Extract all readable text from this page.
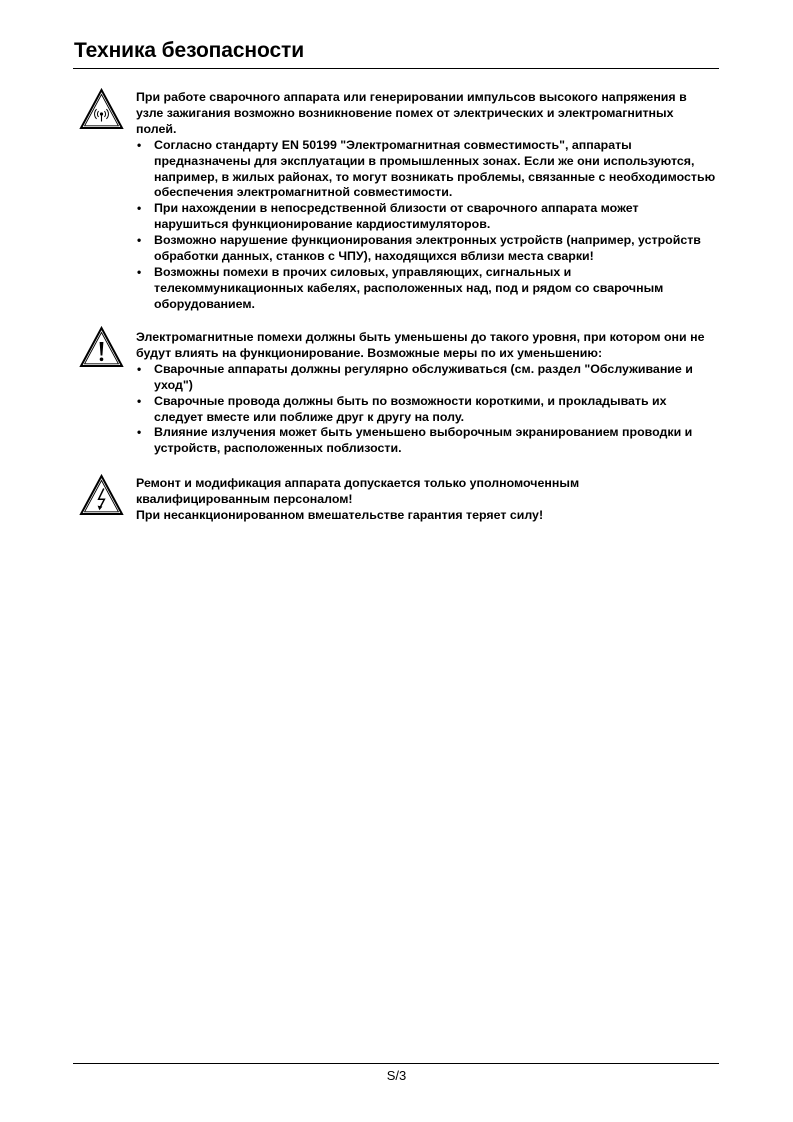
Техника безопасности

При работе сварочного аппарата или генерировании импульсов высокого напряжения в узле зажигания возможно возникновение помех от электрических и электромагнитных полей.

• Согласно стандарту EN 50199 "Электромагнитная совместимость", аппараты предназначены для эксплуатации в промышленных зонах. Если же они используются, например, в жилых районах, то могут возникать проблемы, связанные с необходимостью обеспечения электромагнитной совместимости.
• При нахождении в непосредственной близости от сварочного аппарата может нарушиться функционирование кардиостимуляторов.
• Возможно нарушение функционирования электронных устройств (например, устройств обработки данных, станков с ЧПУ), находящихся вблизи места сварки!
• Возможны помехи в прочих силовых, управляющих, сигнальных и телекоммуникационных кабелях, расположенных над, под и рядом со сварочным оборудованием.

Электромагнитные помехи должны быть уменьшены до такого уровня, при котором они не будут влиять на функционирование. Возможные меры по их уменьшению:

• Сварочные аппараты должны регулярно обслуживаться (см. раздел "Обслуживание и уход")
• Сварочные провода должны быть по возможности короткими, и прокладывать их следует вместе или поближе друг к другу на полу.
• Влияние излучения может быть уменьшено выборочным экранированием проводки и устройств, расположенных поблизости.

Ремонт и модификация аппарата допускается только уполномоченным квалифицированным персоналом!

При несанкционированном вмешательстве гарантия теряет силу!

S/3
